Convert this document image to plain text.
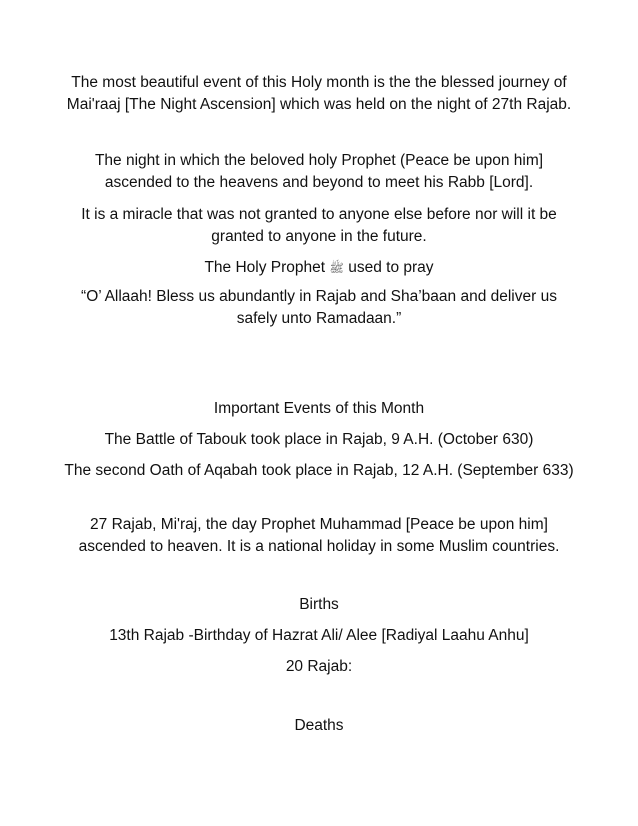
The most beautiful event of this Holy month is the the blessed journey of Mai'raaj [The Night Ascension] which was held on the night of 27th Rajab.

The night in which the beloved holy Prophet (Peace be upon him] ascended to the heavens and beyond to meet his Rabb [Lord].

It is a miracle that was not granted to anyone else before nor will it be granted to anyone in the future.

The Holy Prophet ﷺ used to pray

“O’ Allaah! Bless us abundantly in Rajab and Sha’baan and deliver us safely unto Ramadaan.”

Important Events of this Month

The Battle of Tabouk took place in Rajab, 9 A.H. (October 630)

The second Oath of Aqabah took place in Rajab, 12 A.H. (September 633)

27 Rajab, Mi'raj, the day Prophet Muhammad [Peace be upon him] ascended to heaven. It is a national holiday in some Muslim countries.

Births

13th Rajab -Birthday of Hazrat Ali/ Alee [Radiyal Laahu Anhu]

20 Rajab:

Deaths
